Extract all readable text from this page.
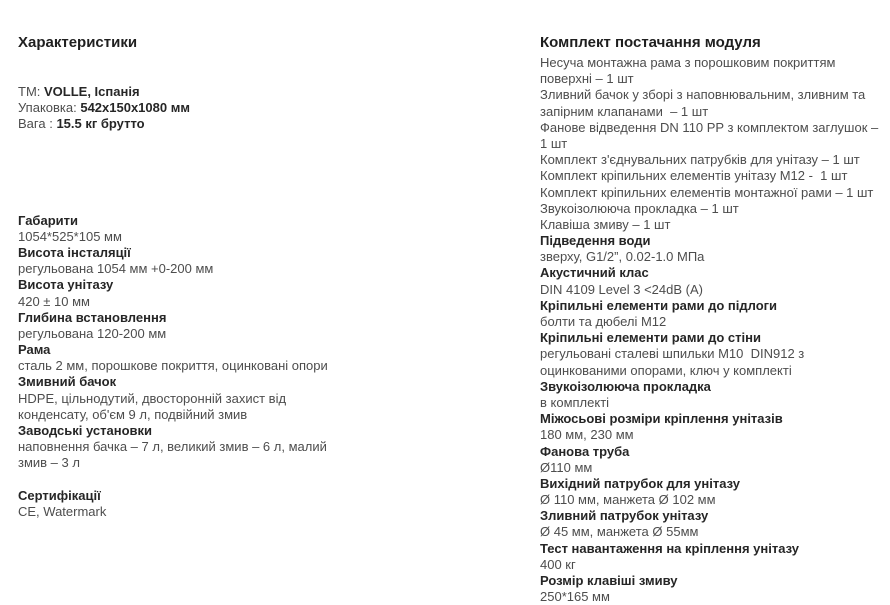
Характеристики
TM: VOLLE, Іспанія
Упаковка: 542х150х1080 мм
Вага : 15.5 кг брутто
Габарити
1054*525*105 мм
Висота інсталяції
регульована 1054 мм +0-200 мм
Висота унітазу
420 ± 10 мм
Глибина встановлення
регульована 120-200 мм
Рама
сталь 2 мм, порошкове покриття, оцинковані опори
Змивний бачок
HDPE, цільнодутий, двосторонній захист від
конденсату, об'єм 9 л, подвійний змив
Заводські установки
наповнення бачка – 7 л, великий змив – 6 л, малий
змив – 3 л
Сертифікації
CE, Watermark
Комплект постачання модуля
Несуча монтажна рама з порошковим покриттям
поверхні – 1 шт
Зливний бачок у зборі з наповнювальним, зливним та
запірним клапанами  – 1 шт
Фанове відведення DN 110 PP з комплектом заглушок –
1 шт
Комплект з'єднувальних патрубків для унітазу – 1 шт
Комплект кріпильних елементів унітазу М12 -  1 шт
Комплект кріпильних елементів монтажної рами – 1 шт
Звукоізолююча прокладка – 1 шт
Клавіша змиву – 1 шт
Підведення води
зверху, G1/2”, 0.02-1.0 МПа
Акустичний клас
DIN 4109 Level 3 <24dB (A)
Кріпильні елементи рами до підлоги
болти та дюбелі М12
Кріпильні елементи рами до стіни
регульовані сталеві шпильки М10  DIN912 з
оцинкованими опорами, ключ у комплекті
Звукоізолююча прокладка
в комплекті
Міжосьові розміри кріплення унітазів
180 мм, 230 мм
Фанова труба
Ø110 мм
Вихідний патрубок для унітазу
Ø 110 мм, манжета Ø 102 мм
Зливний патрубок унітазу
Ø 45 мм, манжета Ø 55мм
Тест навантаження на кріплення унітазу
400 кг
Розмір клавіші змиву
250*165 мм
